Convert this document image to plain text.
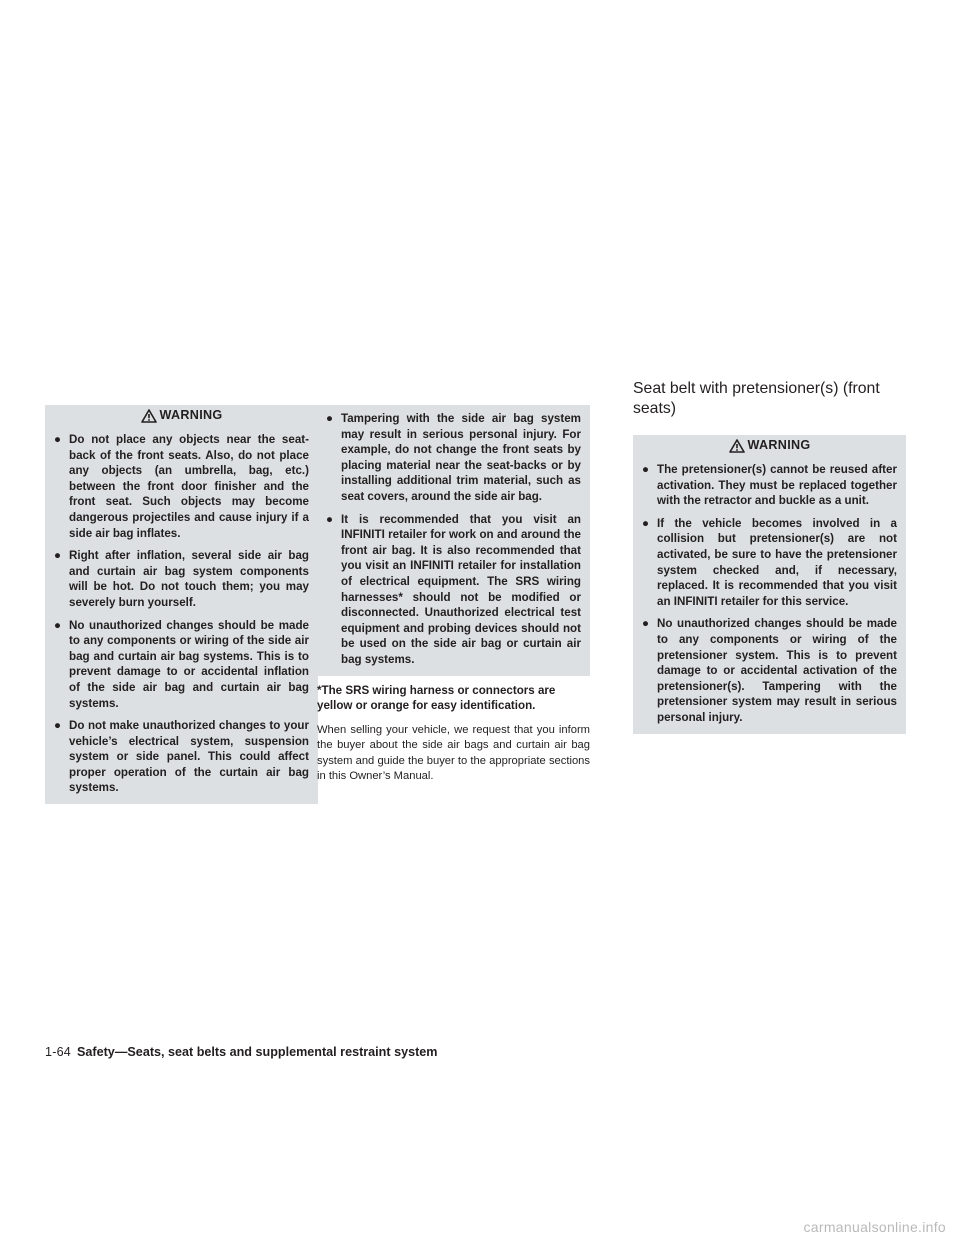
WARNING
● Do not place any objects near the seat-back of the front seats. Also, do not place any objects (an umbrella, bag, etc.) between the front door finisher and the front seat. Such objects may become dangerous projectiles and cause injury if a side air bag inflates.
● Right after inflation, several side air bag and curtain air bag system components will be hot. Do not touch them; you may severely burn yourself.
● No unauthorized changes should be made to any components or wiring of the side air bag and curtain air bag systems. This is to prevent damage to or accidental inflation of the side air bag and curtain air bag systems.
● Do not make unauthorized changes to your vehicle’s electrical system, suspension system or side panel. This could affect proper operation of the curtain air bag systems.
● Tampering with the side air bag system may result in serious personal injury. For example, do not change the front seats by placing material near the seat-backs or by installing additional trim material, such as seat covers, around the side air bag.
● It is recommended that you visit an INFINITI retailer for work on and around the front air bag. It is also recommended that you visit an INFINITI retailer for installation of electrical equipment. The SRS wiring harnesses* should not be modified or disconnected. Unauthorized electrical test equipment and probing devices should not be used on the side air bag or curtain air bag systems.

*The SRS wiring harness or connectors are yellow or orange for easy identification.

When selling your vehicle, we request that you inform the buyer about the side air bags and curtain air bag system and guide the buyer to the appropriate sections in this Owner’s Manual.

Seat belt with pretensioner(s) (front seats)
WARNING
● The pretensioner(s) cannot be reused after activation. They must be replaced together with the retractor and buckle as a unit.
● If the vehicle becomes involved in a collision but pretensioner(s) are not activated, be sure to have the pretensioner system checked and, if necessary, replaced. It is recommended that you visit an INFINITI retailer for this service.
● No unauthorized changes should be made to any components or wiring of the pretensioner system. This is to prevent damage to or accidental activation of the pretensioner(s). Tampering with the pretensioner system may result in serious personal injury.
1-64 Safety—Seats, seat belts and supplemental restraint system
carmanualsonline.info
